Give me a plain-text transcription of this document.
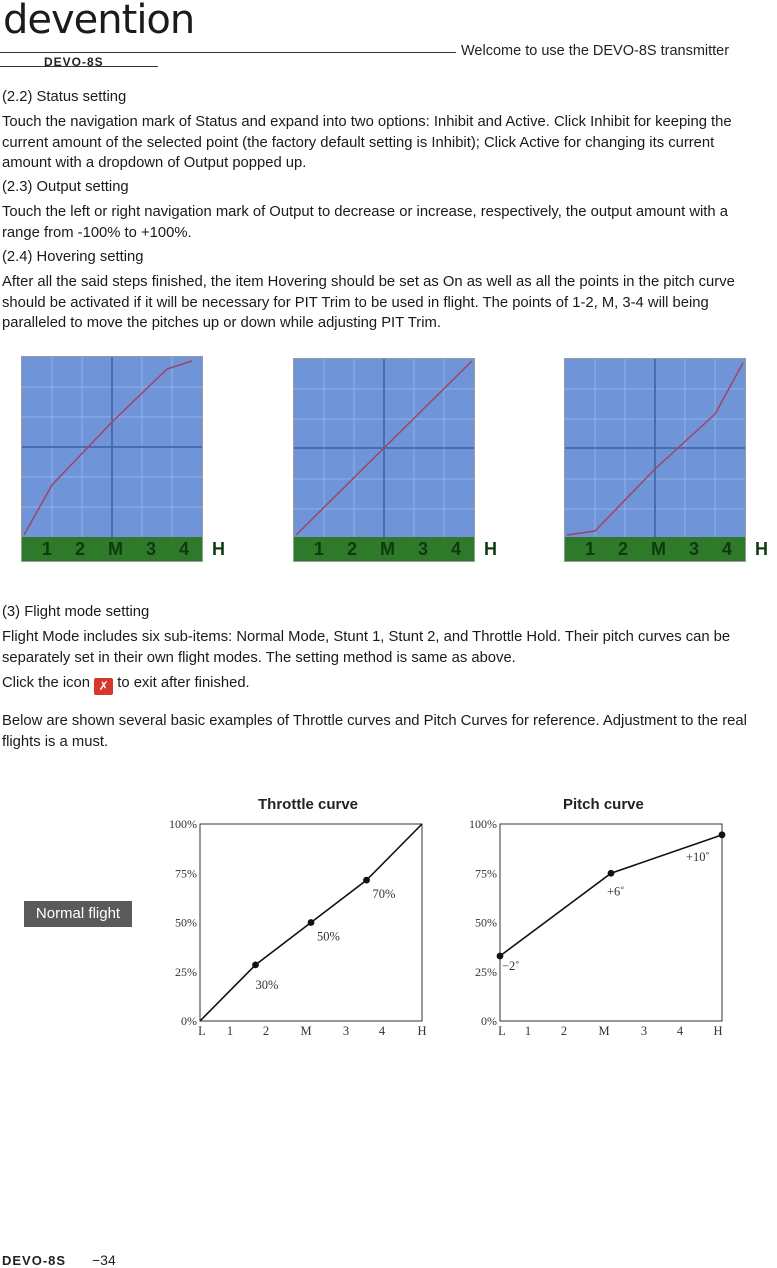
devention
DEVO-8S
Welcome to use the DEVO-8S transmitter
(2.2) Status setting
Touch the navigation mark of Status and expand into two options: Inhibit and Active. Click Inhibit for keeping the current amount of the selected point (the factory default setting is Inhibit); Click Active for changing its current amount with a dropdown of Output popped up.
(2.3) Output setting
Touch the left or right navigation mark of Output to decrease or increase, respectively, the output amount with a range from -100% to +100%.
(2.4) Hovering setting
After all the said steps finished, the item Hovering should be set as On as well as all the points in the pitch curve should be activated if it will be necessary for PIT Trim to be used in flight. The points of 1-2, M, 3-4 will being paralleled to move the pitches up or down while adjusting PIT Trim.
1 2 M 3 4 H	1 2 M 3 4 H	1 2 M 3 4 H
(3) Flight mode setting
Flight Mode includes six sub-items: Normal Mode, Stunt 1, Stunt 2, and Throttle Hold. Their pitch curves can be separately set in their own flight modes. The setting method is same as above.
Click the icon ✗ to exit after finished.
Below are shown several basic examples of Throttle curves and Pitch Curves for reference. Adjustment to the real flights is a must.
Normal flight
Throttle curve	Pitch curve
0%
25%
50%
75%
100%
L 1 2	M	3 4	H
30%
50%
70%
0%
25%
50%
75%
100%
L 1 2	M	3 4 H
−2˚
+6˚
+10˚
DEVO-8S −34
